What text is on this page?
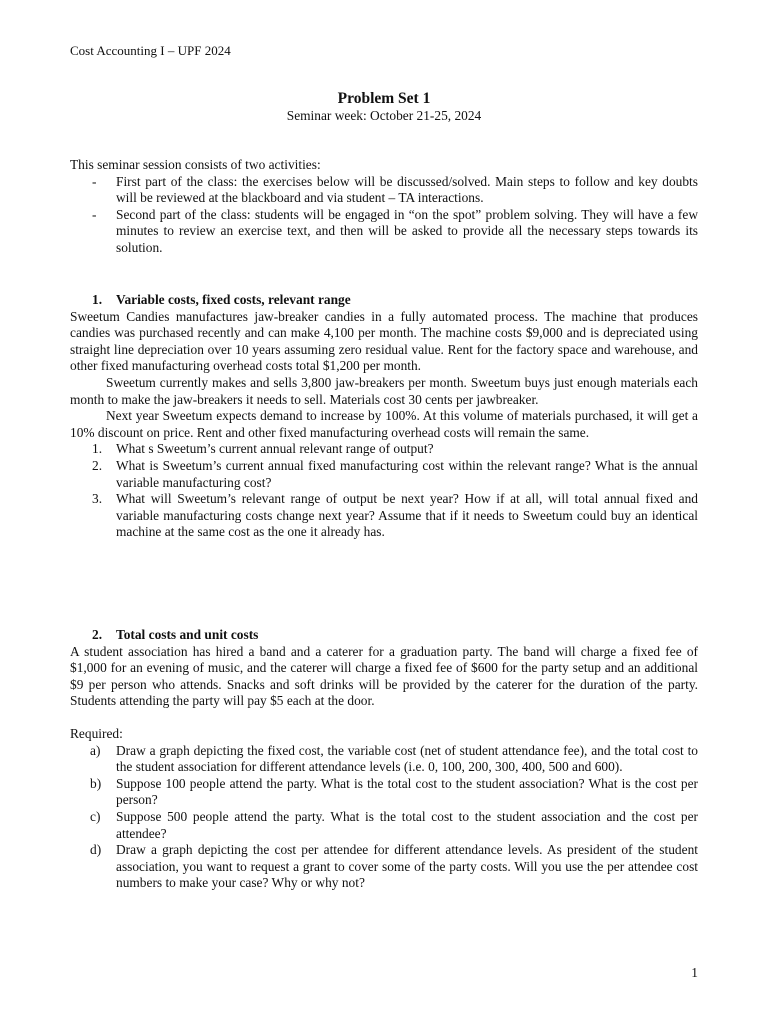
Cost Accounting I – UPF 2024
Problem Set 1
Seminar week: October 21-25, 2024

This seminar session consists of two activities:

- First part of the class: the exercises below will be discussed/solved. Main steps to follow and key doubts will be reviewed at the blackboard and via student – TA interactions.
- Second part of the class: students will be engaged in “on the spot” problem solving. They will have a few minutes to review an exercise text, and then will be asked to provide all the necessary steps towards its solution.
1. Variable costs, fixed costs, relevant range

Sweetum Candies manufactures jaw-breaker candies in a fully automated process. The machine that produces candies was purchased recently and can make 4,100 per month. The machine costs $9,000 and is depreciated using straight line depreciation over 10 years assuming zero residual value. Rent for the factory space and warehouse, and other fixed manufacturing overhead costs total $1,200 per month.

Sweetum currently makes and sells 3,800 jaw-breakers per month. Sweetum buys just enough materials each month to make the jaw-breakers it needs to sell. Materials cost 30 cents per jawbreaker.

Next year Sweetum expects demand to increase by 100%. At this volume of materials purchased, it will get a 10% discount on price. Rent and other fixed manufacturing overhead costs will remain the same.

1. What s Sweetum’s current annual relevant range of output?
2. What is Sweetum’s current annual fixed manufacturing cost within the relevant range? What is the annual variable manufacturing cost?
3. What will Sweetum’s relevant range of output be next year? How if at all, will total annual fixed and variable manufacturing costs change next year? Assume that if it needs to Sweetum could buy an identical machine at the same cost as the one it already has.
2. Total costs and unit costs

A student association has hired a band and a caterer for a graduation party. The band will charge a fixed fee of $1,000 for an evening of music, and the caterer will charge a fixed fee of $600 for the party setup and an additional $9 per person who attends. Snacks and soft drinks will be provided by the caterer for the duration of the party. Students attending the party will pay $5 each at the door.

Required:

a) Draw a graph depicting the fixed cost, the variable cost (net of student attendance fee), and the total cost to the student association for different attendance levels (i.e. 0, 100, 200, 300, 400, 500 and 600).
b) Suppose 100 people attend the party. What is the total cost to the student association? What is the cost per person?
c) Suppose 500 people attend the party. What is the total cost to the student association and the cost per attendee?
d) Draw a graph depicting the cost per attendee for different attendance levels. As president of the student association, you want to request a grant to cover some of the party costs. Will you use the per attendee cost numbers to make your case? Why or why not?
1
